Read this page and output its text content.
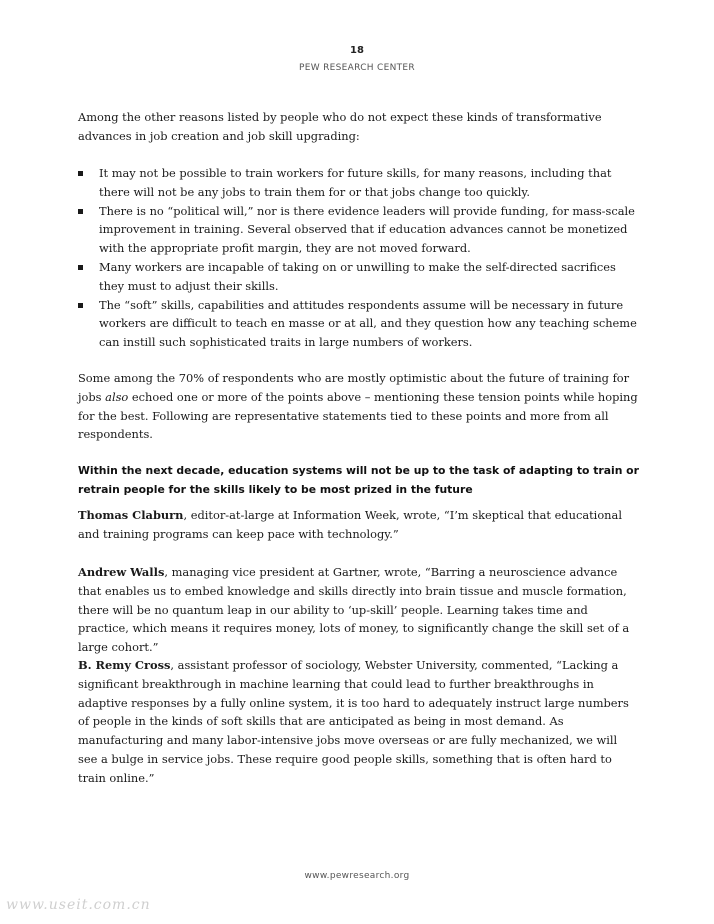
18
PEW RESEARCH CENTER

Among the other reasons listed by people who do not expect these kinds of transformative advances in job creation and job skill upgrading:

It may not be possible to train workers for future skills, for many reasons, including that there will not be any jobs to train them for or that jobs change too quickly.
There is no “political will,” nor is there evidence leaders will provide funding, for mass-scale improvement in training. Several observed that if education advances cannot be monetized with the appropriate profit margin, they are not moved forward.
Many workers are incapable of taking on or unwilling to make the self-directed sacrifices they must to adjust their skills.
The “soft” skills, capabilities and attitudes respondents assume will be necessary in future workers are difficult to teach en masse or at all, and they question how any teaching scheme can instill such sophisticated traits in large numbers of workers.

Some among the 70% of respondents who are mostly optimistic about the future of training for jobs also echoed one or more of the points above – mentioning these tension points while hoping for the best. Following are representative statements tied to these points and more from all respondents.

Within the next decade, education systems will not be up to the task of adapting to train or retrain people for the skills likely to be most prized in the future

Thomas Claburn, editor-at-large at Information Week, wrote, “I’m skeptical that educational and training programs can keep pace with technology.”

Andrew Walls, managing vice president at Gartner, wrote, “Barring a neuroscience advance that enables us to embed knowledge and skills directly into brain tissue and muscle formation, there will be no quantum leap in our ability to ‘up-skill’ people. Learning takes time and practice, which means it requires money, lots of money, to significantly change the skill set of a large cohort.”

B. Remy Cross, assistant professor of sociology, Webster University, commented, “Lacking a significant breakthrough in machine learning that could lead to further breakthroughs in adaptive responses by a fully online system, it is too hard to adequately instruct large numbers of people in the kinds of soft skills that are anticipated as being in most demand. As manufacturing and many labor-intensive jobs move overseas or are fully mechanized, we will see a bulge in service jobs. These require good people skills, something that is often hard to train online.”

www.pewresearch.org
www.useit.com.cn
